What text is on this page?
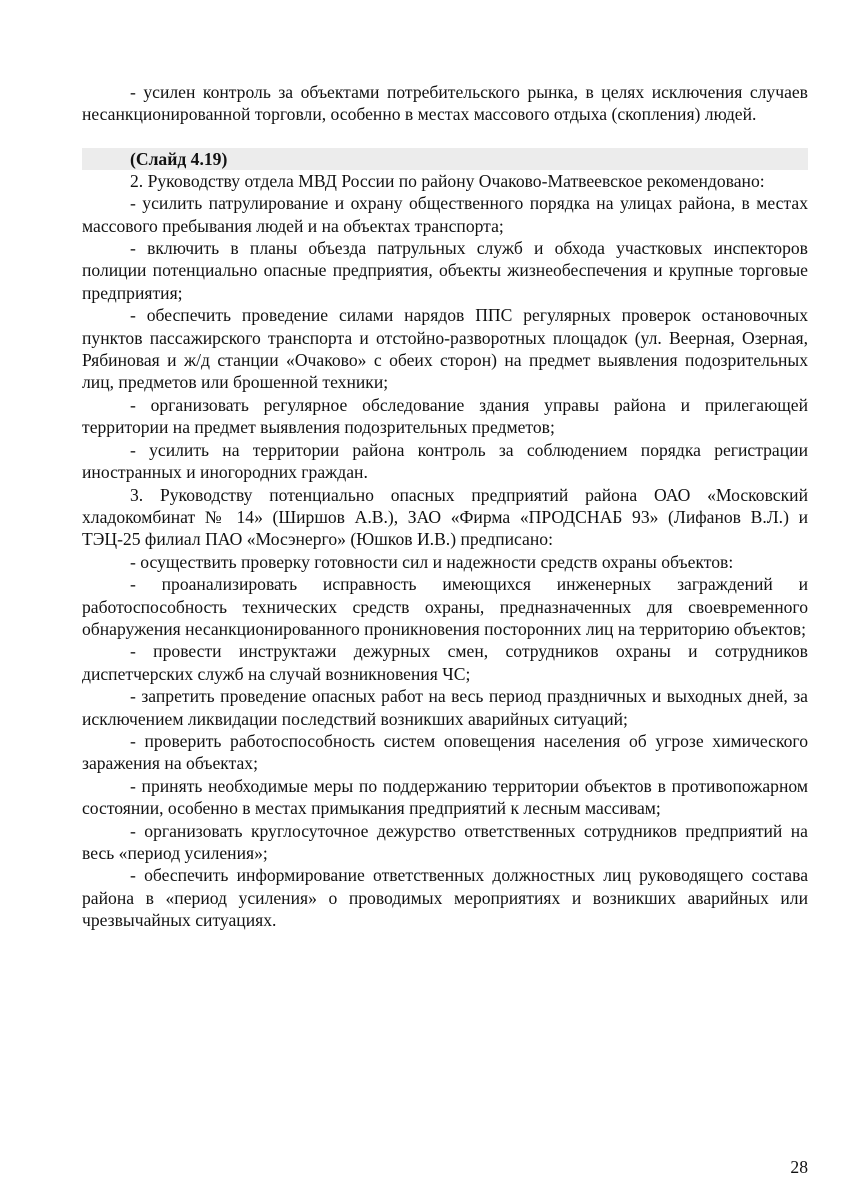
- усилен контроль за объектами потребительского рынка, в целях исключения случаев несанкционированной торговли, особенно в местах массового отдыха (скопления) людей.

(Слайд 4.19)

2. Руководству отдела МВД России по району Очаково-Матвеевское рекомендовано:

- усилить патрулирование и охрану общественного порядка на улицах района, в местах массового пребывания людей и на объектах транспорта;

- включить в планы объезда патрульных служб и обхода участковых инспекторов полиции потенциально опасные предприятия, объекты жизнеобеспечения и крупные торговые предприятия;

- обеспечить проведение силами нарядов ППС регулярных проверок остановочных пунктов пассажирского транспорта и отстойно-разворотных площадок (ул. Веерная, Озерная, Рябиновая и ж/д станции «Очаково» с обеих сторон) на предмет выявления подозрительных лиц, предметов или брошенной техники;

- организовать регулярное обследование здания управы района и прилегающей территории на предмет выявления подозрительных предметов;

- усилить на территории района контроль за соблюдением порядка регистрации иностранных и иногородних граждан.

3. Руководству потенциально опасных предприятий района ОАО «Московский хладокомбинат № 14» (Ширшов А.В.), ЗАО «Фирма «ПРОДСНАБ 93» (Лифанов В.Л.) и ТЭЦ-25 филиал ПАО «Мосэнерго» (Юшков И.В.) предписано:

- осуществить проверку готовности сил и надежности средств охраны объектов:

- проанализировать исправность имеющихся инженерных заграждений и работоспособность технических средств охраны, предназначенных для своевременного обнаружения несанкционированного проникновения посторонних лиц на территорию объектов;

- провести инструктажи дежурных смен, сотрудников охраны и сотрудников диспетчерских служб на случай возникновения ЧС;

- запретить проведение опасных работ на весь период праздничных и выходных дней, за исключением ликвидации последствий возникших аварийных ситуаций;

- проверить работоспособность систем оповещения населения об угрозе химического заражения на объектах;

- принять необходимые меры по поддержанию территории объектов в противопожарном состоянии, особенно в местах примыкания предприятий к лесным массивам;

- организовать круглосуточное дежурство ответственных сотрудников предприятий на весь «период усиления»;

- обеспечить информирование ответственных должностных лиц руководящего состава района в «период усиления» о проводимых мероприятиях и возникших аварийных или чрезвычайных ситуациях.

28
